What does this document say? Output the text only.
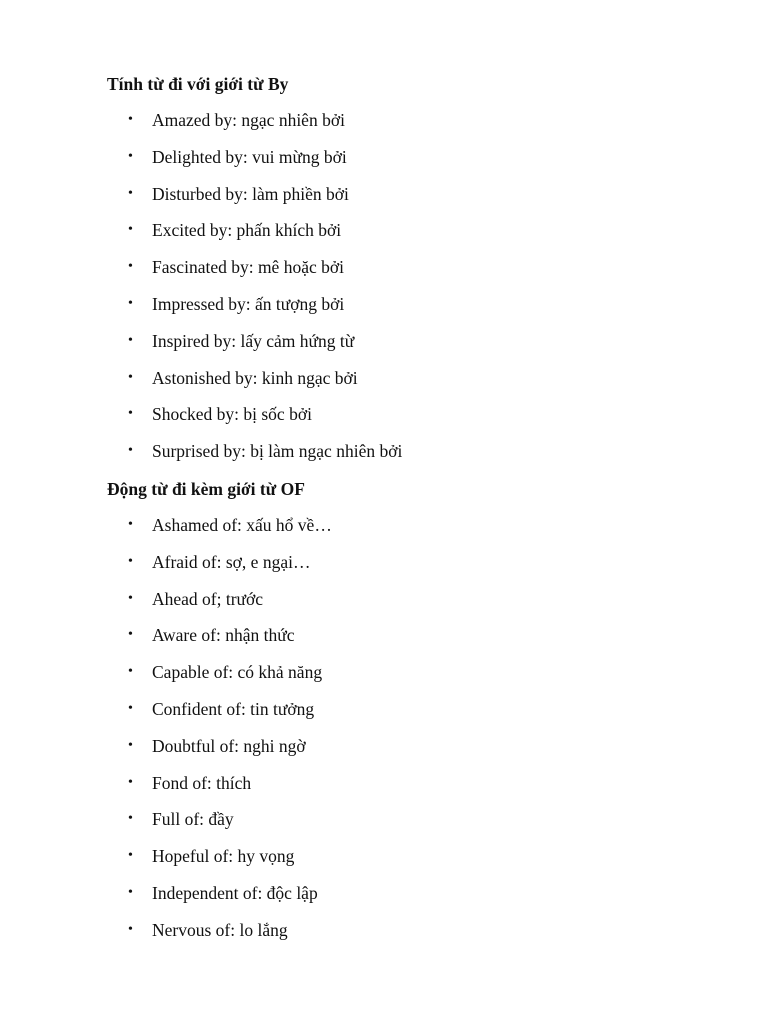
Tính từ đi với giới từ By
• Amazed by: ngạc nhiên bởi
• Delighted by: vui mừng bởi
• Disturbed by: làm phiền bởi
• Excited by: phấn khích bởi
• Fascinated by: mê hoặc bởi
• Impressed by: ấn tượng bởi
• Inspired by: lấy cảm hứng từ
• Astonished by: kinh ngạc bởi
• Shocked by: bị sốc bởi
• Surprised by: bị làm ngạc nhiên bởi
Động từ đi kèm giới từ OF
• Ashamed of: xấu hổ về…
• Afraid of: sợ, e ngại…
• Ahead of; trước
• Aware of: nhận thức
• Capable of: có khả năng
• Confident of: tin tưởng
• Doubtful of: nghi ngờ
• Fond of: thích
• Full of: đầy
• Hopeful of: hy vọng
• Independent of: độc lập
• Nervous of: lo lắng
